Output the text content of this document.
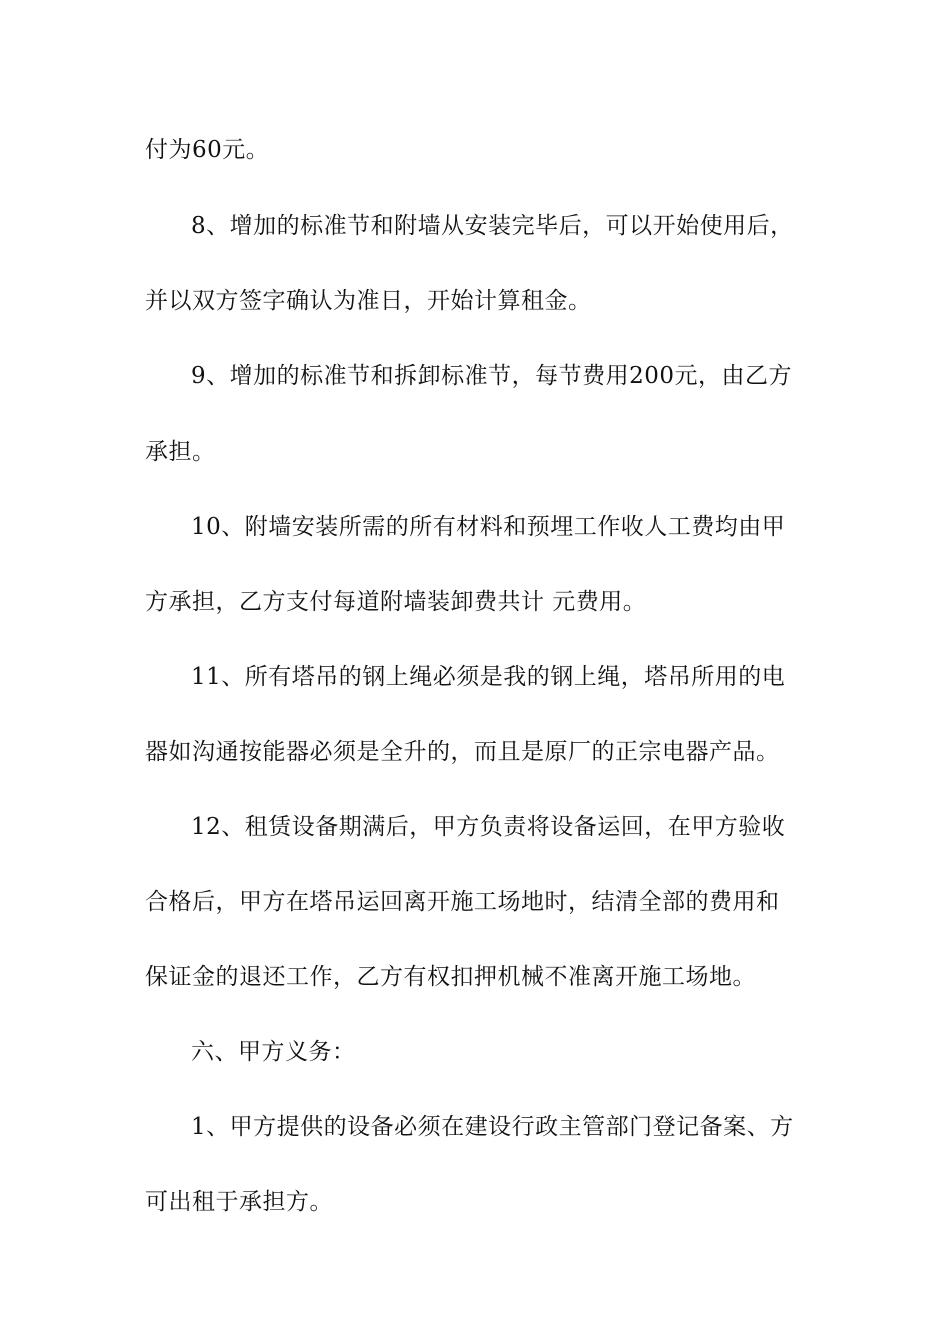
付为60元。
8、增加的标准节和附墙从安装完毕后，可以开始使用后，
并以双方签字确认为准日，开始计算租金。
9、增加的标准节和拆卸标准节，每节费用200元，由乙方
承担。
10、附墙安装所需的所有材料和预埋工作收人工费均由甲
方承担，乙方支付每道附墙装卸费共计 元费用。
11、所有塔吊的钢上绳必须是我的钢上绳，塔吊所用的电
器如沟通按能器必须是全升的，而且是原厂的正宗电器产品。
12、租赁设备期满后，甲方负责将设备运回，在甲方验收
合格后，甲方在塔吊运回离开施工场地时，结清全部的费用和
保证金的退还工作，乙方有权扣押机械不准离开施工场地。
六、甲方义务：
1、甲方提供的设备必须在建设行政主管部门登记备案、方
可出租于承担方。
